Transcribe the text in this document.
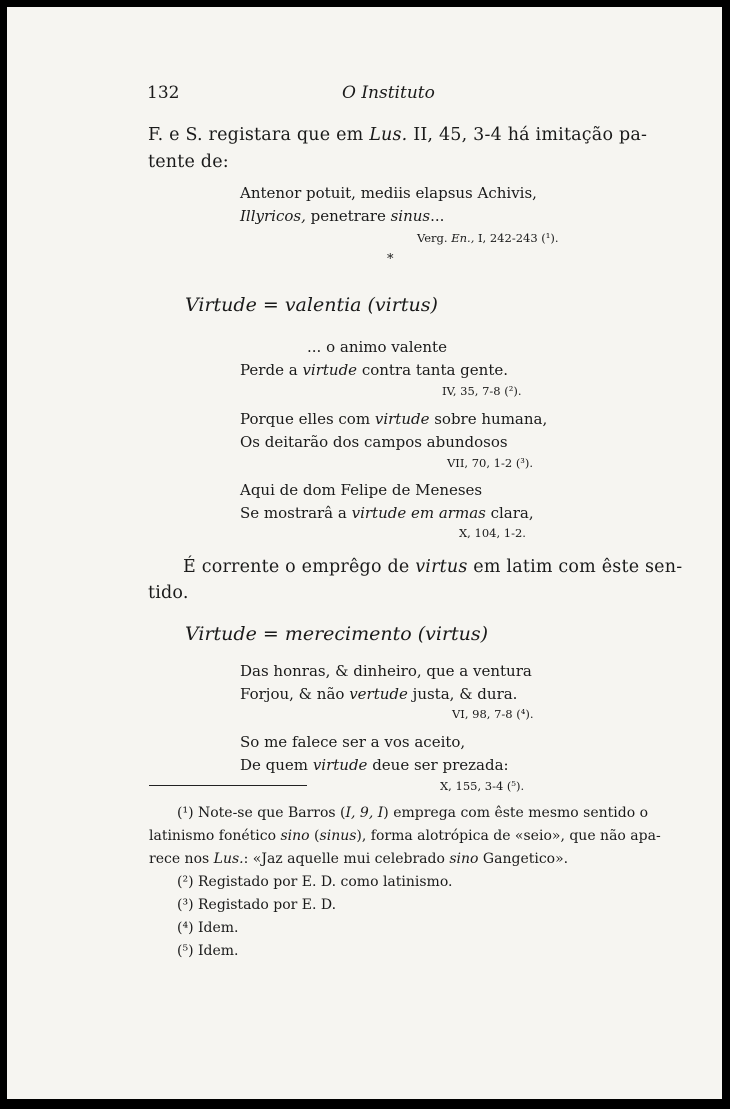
132	O Instituto
F. e S. registara que em Lus. II, 45, 3-4 há imitação pa-
tente de:
Antenor potuit, mediis elapsus Achivis,
Illyricos, penetrare sinus...
Verg. En., I, 242-243 (¹).
*
Virtude = valentia (virtus)
... o animo valente
Perde a virtude contra tanta gente.
IV, 35, 7-8 (²).
Porque elles com virtude sobre humana,
Os deitarão dos campos abundosos
VII, 70, 1-2 (³).
Aqui de dom Felipe de Meneses
Se mostrarâ a virtude em armas clara,
X, 104, 1-2.
É corrente o emprêgo de virtus em latim com êste sen-
tido.
Virtude = merecimento (virtus)
Das honras, & dinheiro, que a ventura
Forjou, & não vertude justa, & dura.
VI, 98, 7-8 (⁴).
So me falece ser a vos aceito,
De quem virtude deue ser prezada:
X, 155, 3-4 (⁵).
(¹) Note-se que Barros (I, 9, I) emprega com êste mesmo sentido o
latinismo fonético sino (sinus), forma alotrópica de «seio», que não apa-
rece nos Lus.: «Jaz aquelle mui celebrado sino Gangetico».
(²) Registado por E. D. como latinismo.
(³) Registado por E. D.
(⁴) Idem.
(⁵) Idem.
